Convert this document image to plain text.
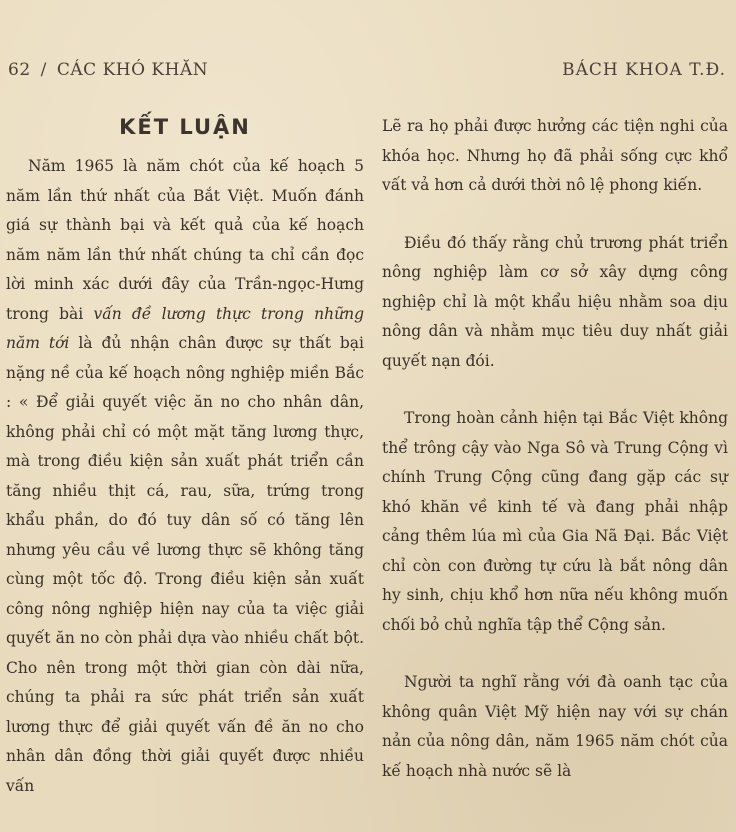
62 / CÁC KHÓ KHĂN	BÁCH KHOA T.Đ.
KẾT LUẬN

Năm 1965 là năm chót của kế hoạch 5 năm lần thứ nhất của Bắt Việt. Muốn đánh giá sự thành bại và kết quả của kế hoạch năm năm lần thứ nhất chúng ta chỉ cần đọc lời minh xác dưới đây của Trần-ngọc-Hưng trong bài vấn đề lương thực trong những năm tới là đủ nhận chân được sự thất bại nặng nề của kế hoạch nông nghiệp miền Bắc : « Để giải quyết việc ăn no cho nhân dân, không phải chỉ có một mặt tăng lương thực, mà trong điều kiện sản xuất phát triển cần tăng nhiều thịt cá, rau, sữa, trứng trong khẩu phần, do đó tuy dân số có tăng lên nhưng yêu cầu về lương thực sẽ không tăng cùng một tốc độ. Trong điều kiện sản xuất công nông nghiệp hiện nay của ta việc giải quyết ăn no còn phải dựa vào nhiều chất bột. Cho nên trong một thời gian còn dài nữa, chúng ta phải ra sức phát triển sản xuất lương thực để giải quyết vấn đề ăn no cho nhân dân đồng thời giải quyết được nhiều vấn

Lẽ ra họ phải được hưởng các tiện nghi của khóa học. Nhưng họ đã phải sống cực khổ vất vả hơn cả dưới thời nô lệ phong kiến.

Điều đó thấy rằng chủ trương phát triển nông nghiệp làm cơ sở xây dựng công nghiệp chỉ là một khẩu hiệu nhằm soa dịu nông dân và nhằm mục tiêu duy nhất giải quyết nạn đói.

Trong hoàn cảnh hiện tại Bắc Việt không thể trông cậy vào Nga Sô và Trung Cộng vì chính Trung Cộng cũng đang gặp các sự khó khăn về kinh tế và đang phải nhập cảng thêm lúa mì của Gia Nã Đại. Bắc Việt chỉ còn con đường tự cứu là bắt nông dân hy sinh, chịu khổ hơn nữa nếu không muốn chối bỏ chủ nghĩa tập thể Cộng sản.

Người ta nghĩ rằng với đà oanh tạc của không quân Việt Mỹ hiện nay với sự chán nản của nông dân, năm 1965 năm chót của kế hoạch nhà nước sẽ là
